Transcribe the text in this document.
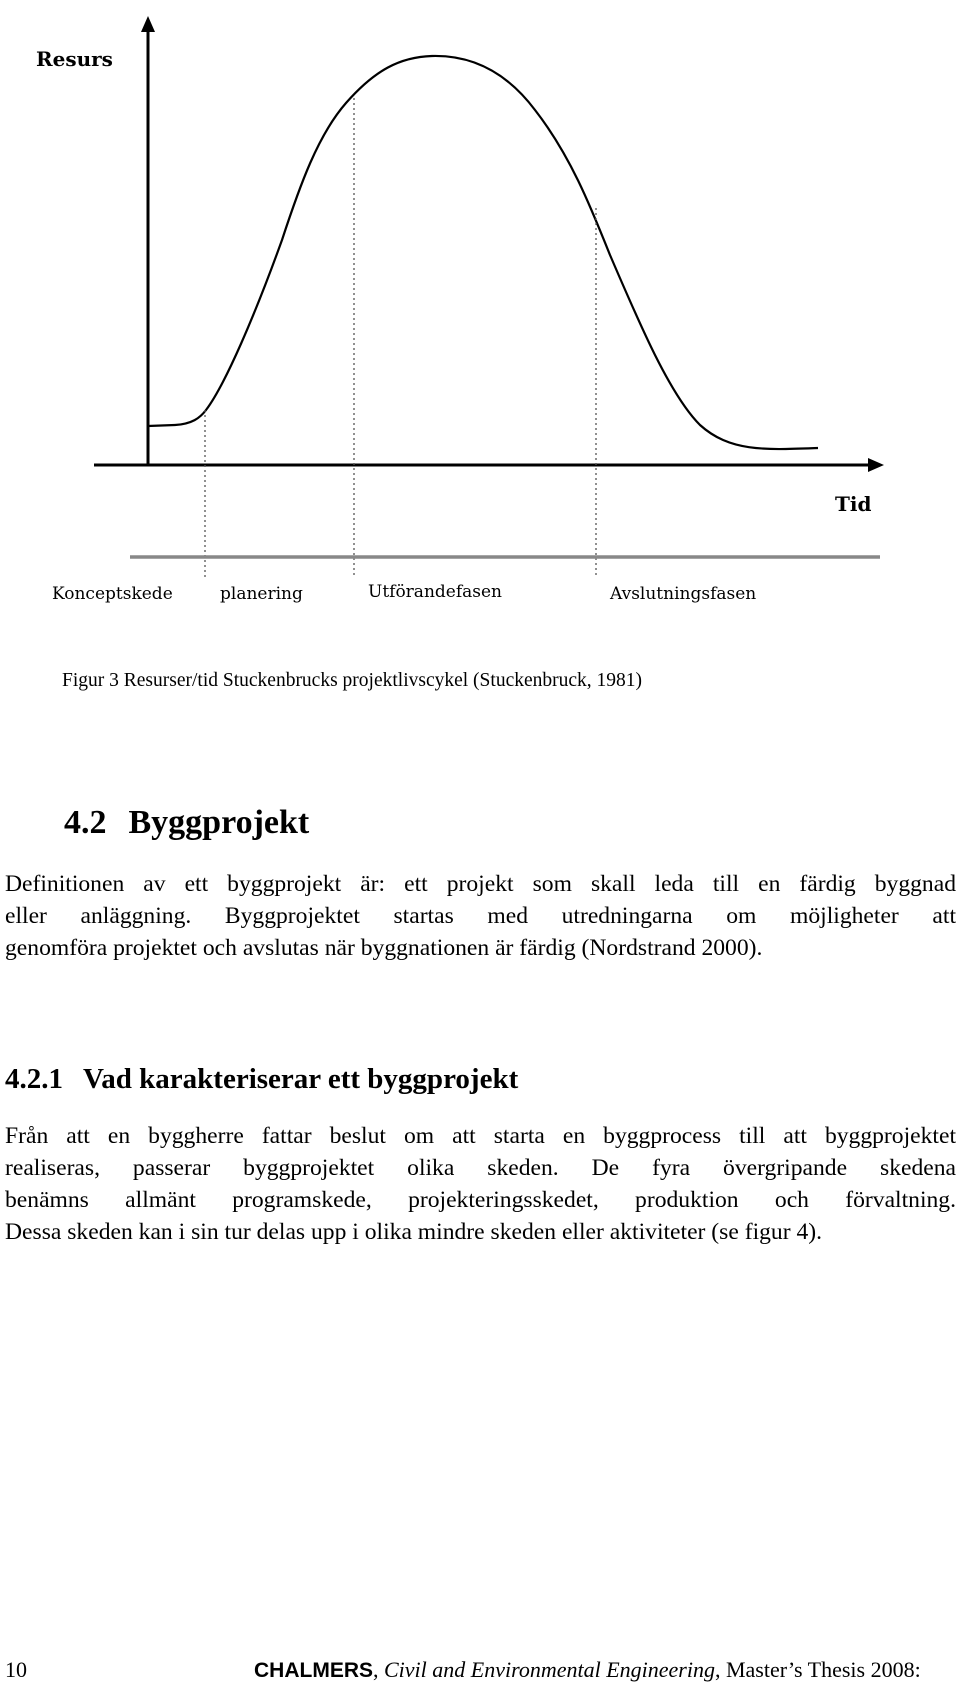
Resurs
Tid
Konceptskede	planering	Utförandefasen	Avslutningsfasen
Figur 3 Resurser/tid Stuckenbrucks projektlivscykel (Stuckenbruck, 1981)
4.2 Byggprojekt
Definitionen av ett byggprojekt är: ett projekt som skall leda till en färdig byggnad
eller anläggning. Byggprojektet startas med utredningarna om möjligheter att
genomföra projektet och avslutas när byggnationen är färdig (Nordstrand 2000).
4.2.1 Vad karakteriserar ett byggprojekt
Från att en byggherre fattar beslut om att starta en byggprocess till att byggprojektet
realiseras, passerar byggprojektet olika skeden. De fyra övergripande skedena
benämns allmänt programskede, projekteringsskedet, produktion och förvaltning.
Dessa skeden kan i sin tur delas upp i olika mindre skeden eller aktiviteter (se figur 4).
10	CHALMERS, Civil and Environmental Engineering, Master’s Thesis 2008:
